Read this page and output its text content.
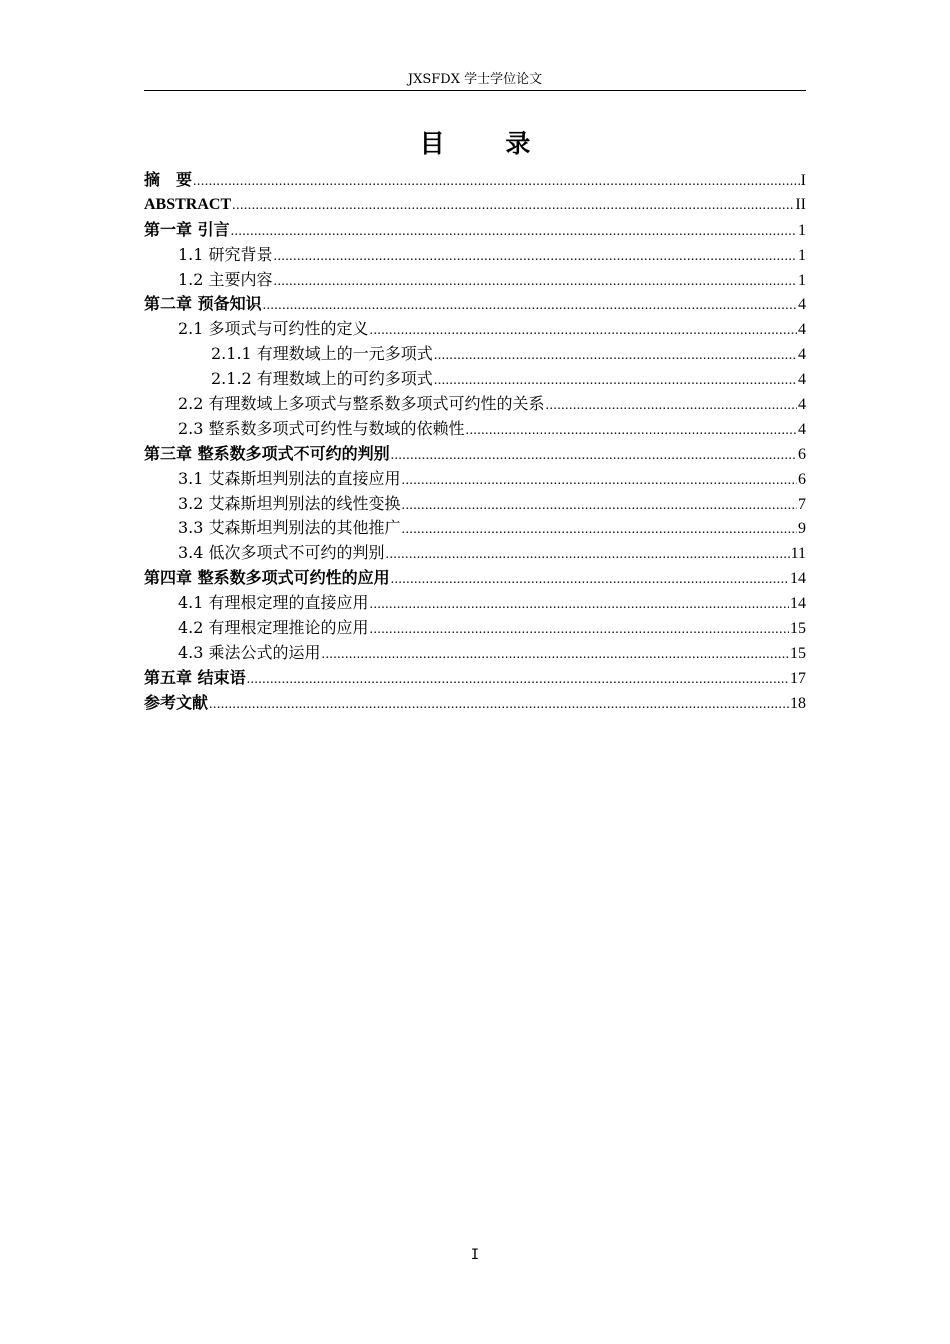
JXSFDX 学士学位论文
目 录
摘　要 .....	I
ABSTRACT .....	II
第一章 引言 .....	1
1.1 研究背景 .....	1
1.2 主要内容 .....	1
第二章 预备知识 .....	4
2.1 多项式与可约性的定义 .....	4
2.1.1 有理数域上的一元多项式 .....	4
2.1.2 有理数域上的可约多项式 .....	4
2.2 有理数域上多项式与整系数多项式可约性的关系 .....	4
2.3 整系数多项式可约性与数域的依赖性 .....	4
第三章 整系数多项式不可约的判别 .....	6
3.1 艾森斯坦判别法的直接应用 .....	6
3.2 艾森斯坦判别法的线性变换 .....	7
3.3 艾森斯坦判别法的其他推广 .....	9
3.4 低次多项式不可约的判别 .....	11
第四章 整系数多项式可约性的应用 .....	14
4.1 有理根定理的直接应用 .....	14
4.2 有理根定理推论的应用 .....	15
4.3 乘法公式的运用 .....	15
第五章 结束语 .....	17
参考文献 .....	18
I
